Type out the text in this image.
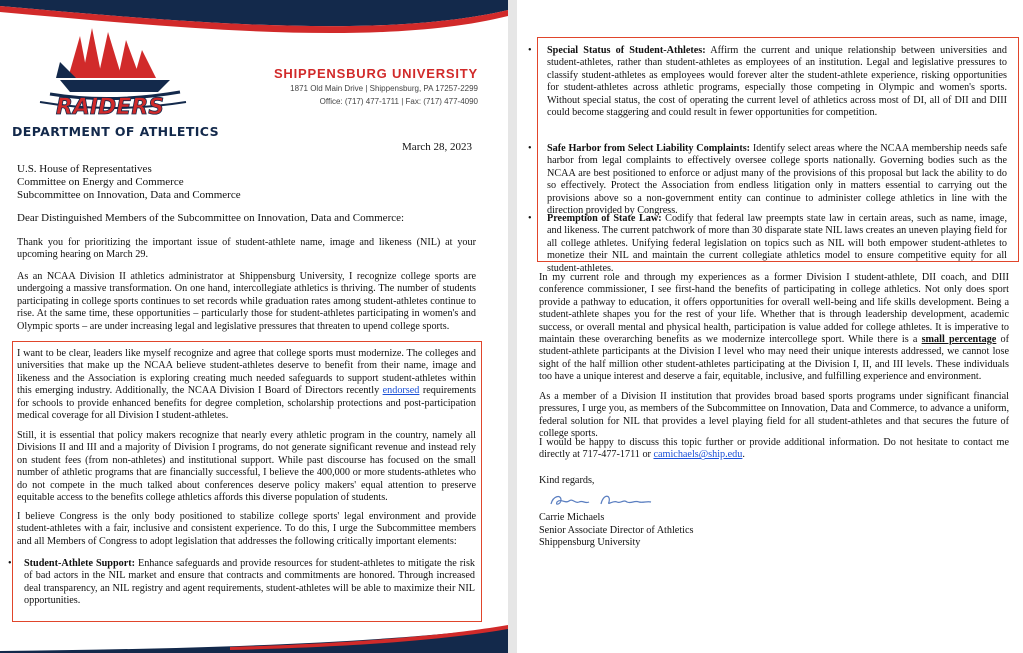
RAIDERS
DEPARTMENT OF ATHLETICS
SHIPPENSBURG UNIVERSITY
1871 Old Main Drive | Shippensburg, PA 17257-2299
Office: (717) 477-1711 | Fax: (717) 477-4090
March 28, 2023
U.S. House of Representatives
Committee on Energy and Commerce
Subcommittee on Innovation, Data and Commerce
Dear Distinguished Members of the Subcommittee on Innovation, Data and Commerce:

Thank you for prioritizing the important issue of student-athlete name, image and likeness (NIL) at your upcoming hearing on March 29.

As an NCAA Division II athletics administrator at Shippensburg University, I recognize college sports are undergoing a massive transformation. On one hand, intercollegiate athletics is thriving. The number of students participating in college sports continues to set records while graduation rates among student-athletes continue to rise. At the same time, these opportunities – particularly those for student-athletes participating in women's and Olympic sports – are under increasing legal and legislative pressures that threaten to upend college sports.

I want to be clear, leaders like myself recognize and agree that college sports must modernize. The colleges and universities that make up the NCAA believe student-athletes deserve to benefit from their name, image and likeness and the Association is exploring creating much needed safeguards to support student-athletes within this emerging industry. Additionally, the NCAA Division I Board of Directors recently endorsed requirements for schools to provide enhanced benefits for degree completion, scholarship protections and post-participation medical coverage for all Division I student-athletes.

Still, it is essential that policy makers recognize that nearly every athletic program in the country, namely all Divisions II and III and a majority of Division I programs, do not generate significant revenue and instead rely on student fees (from non-athletes) and institutional support. While past discourse has focused on the small number of athletic programs that are financially successful, I believe the 400,000 or more students-athletes who do not compete in the much talked about conferences deserve policy makers' equal attention to preserve equitable access to the benefits college athletics affords this diverse population of students.

I believe Congress is the only body positioned to stabilize college sports' legal environment and provide student-athletes with a fair, inclusive and consistent experience. To do this, I urge the Subcommittee members and all Members of Congress to adopt legislation that addresses the following critically important elements:

• Student-Athlete Support: Enhance safeguards and provide resources for student-athletes to mitigate the risk of bad actors in the NIL market and ensure that contracts and commitments are honored. Through increased deal transparency, an NIL registry and agent requirements, student-athletes will be able to maximize their NIL opportunities.
• Special Status of Student-Athletes: Affirm the current and unique relationship between universities and student-athletes, rather than student-athletes as employees of an institution. Legal and legislative pressures to classify student-athletes as employees would forever alter the student-athlete experience, risking opportunities for student-athletes across athletic programs, especially those competing in Olympic and women's sports. Without special status, the cost of operating the current level of athletics across most of DI, all of DII and DIII could become staggering and could result in fewer opportunities for competition.
• Safe Harbor from Select Liability Complaints: Identify select areas where the NCAA membership needs safe harbor from legal complaints to effectively oversee college sports nationally. Governing bodies such as the NCAA are best positioned to enforce or adjust many of the provisions of this proposal but lack the ability to do so effectively. Protect the Association from endless litigation only in matters essential to carrying out the provisions above so a non-government entity can continue to administer college athletics in line with the direction provided by Congress.
• Preemption of State Law: Codify that federal law preempts state law in certain areas, such as name, image, and likeness. The current patchwork of more than 30 disparate state NIL laws creates an uneven playing field for all college athletes. Unifying federal legislation on topics such as NIL will both empower student-athletes to monetize their NIL and maintain the current collegiate athletics model to ensure competitive equity for all student-athletes.

In my current role and through my experiences as a former Division I student-athlete, DII coach, and DIII conference commissioner, I see first-hand the benefits of participating in college athletics. Not only does sport provide a pathway to education, it offers opportunities for overall well-being and life skills development. Being a student-athlete shapes you for the rest of your life. Whether that is through leadership development, academic success, or overall mental and physical health, participation is value added for college athletes. It is imperative to maintain these overarching benefits as we modernize intercollege sport. While there is a small percentage of student-athlete participants at the Division I level who may need their unique interests addressed, we cannot lose sight of the half million other student-athletes participating at the Division I, II, and III levels. These individuals too have a unique interest and deserve a fair, equitable, inclusive, and fulfilling experience and environment.

As a member of a Division II institution that provides broad based sports programs under significant financial pressures, I urge you, as members of the Subcommittee on Innovation, Data and Commerce, to advance a uniform, federal solution for NIL that provides a level playing field for all student-athletes and that secures the future of college sports.

I would be happy to discuss this topic further or provide additional information. Do not hesitate to contact me directly at 717-477-1711 or camichaels@ship.edu.

Kind regards,

Carrie Michaels
Senior Associate Director of Athletics
Shippensburg University
